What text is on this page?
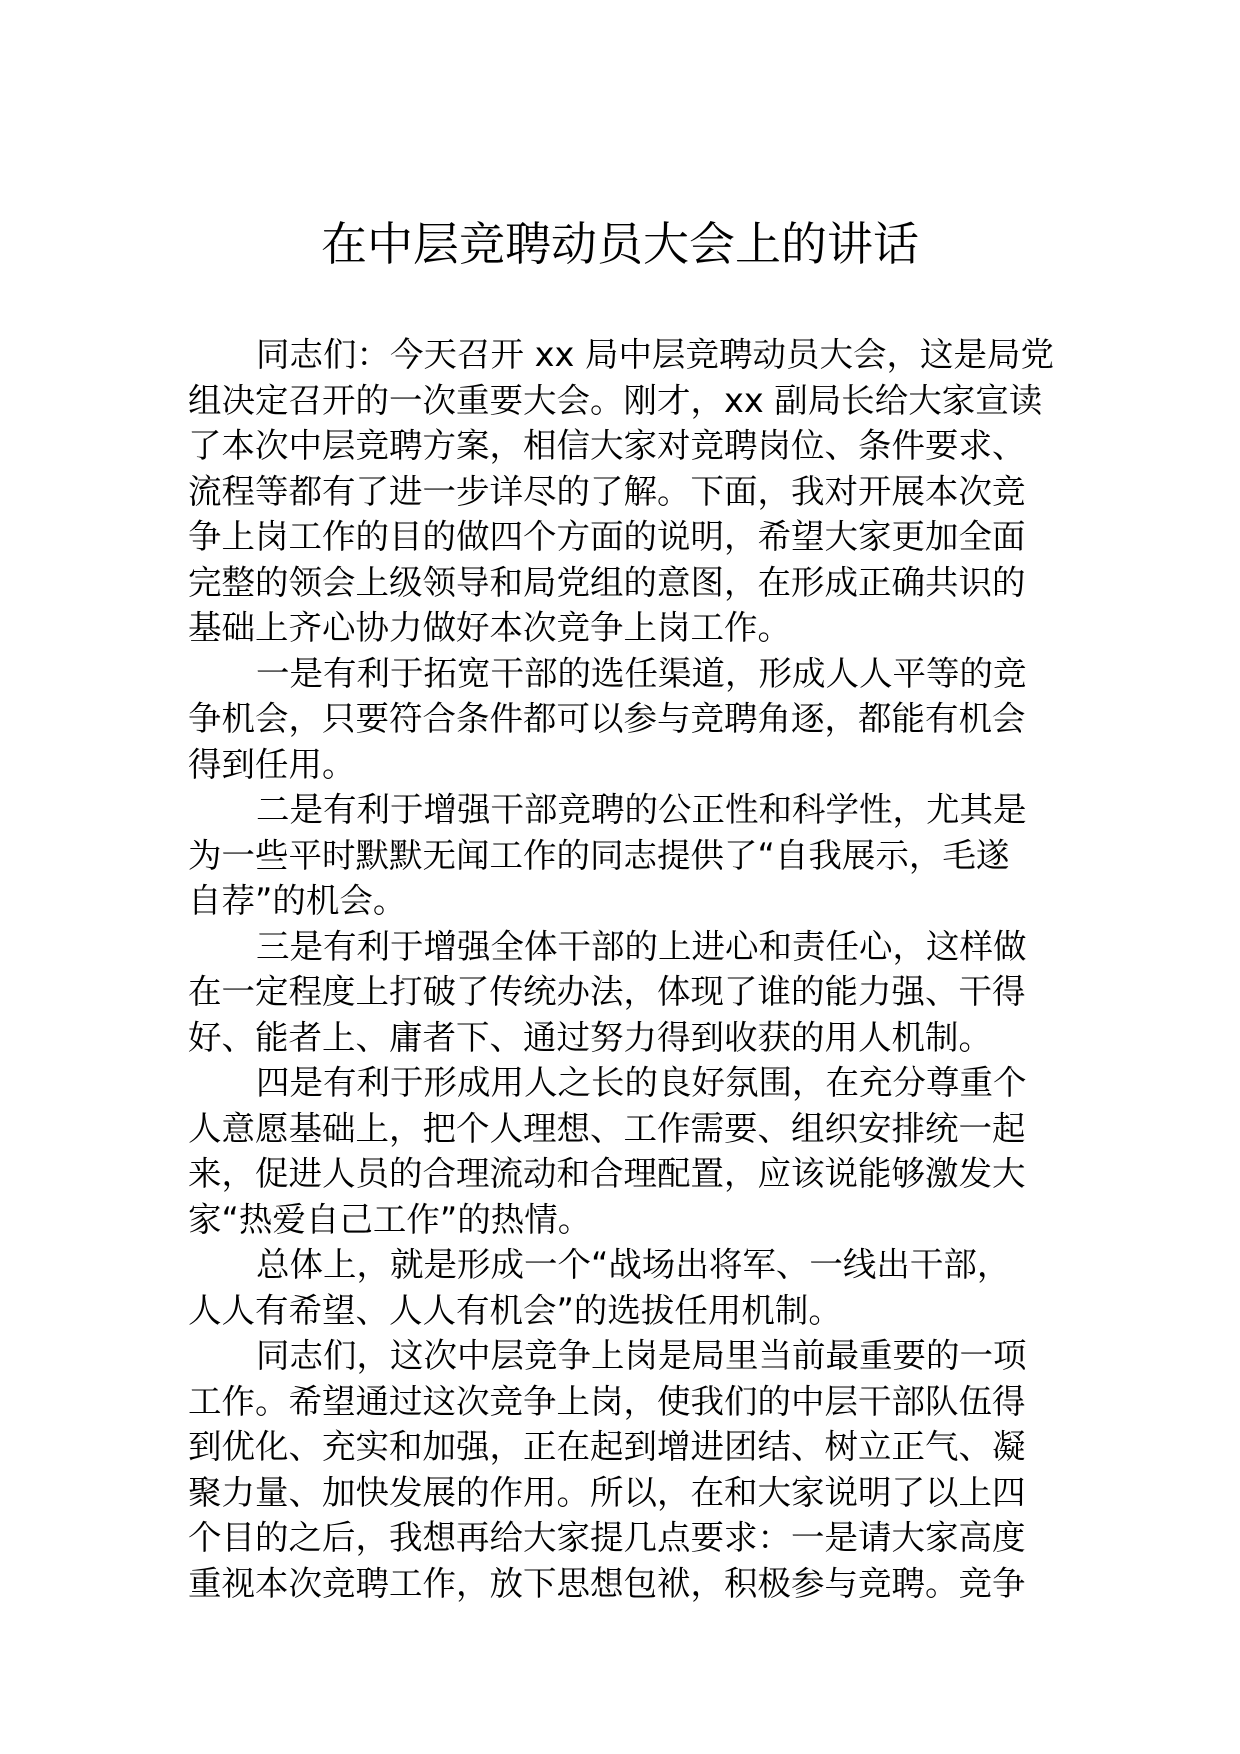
在中层竞聘动员大会上的讲话
同志们：今天召开 xx 局中层竞聘动员大会，这是局党
组决定召开的一次重要大会。刚才，xx 副局长给大家宣读
了本次中层竞聘方案，相信大家对竞聘岗位、条件要求、
流程等都有了进一步详尽的了解。下面，我对开展本次竞
争上岗工作的目的做四个方面的说明，希望大家更加全面
完整的领会上级领导和局党组的意图，在形成正确共识的
基础上齐心协力做好本次竞争上岗工作。
一是有利于拓宽干部的选任渠道，形成人人平等的竞
争机会，只要符合条件都可以参与竞聘角逐，都能有机会
得到任用。
二是有利于增强干部竞聘的公正性和科学性，尤其是
为一些平时默默无闻工作的同志提供了“自我展示，毛遂
自荐”的机会。
三是有利于增强全体干部的上进心和责任心，这样做
在一定程度上打破了传统办法，体现了谁的能力强、干得
好、能者上、庸者下、通过努力得到收获的用人机制。
四是有利于形成用人之长的良好氛围，在充分尊重个
人意愿基础上，把个人理想、工作需要、组织安排统一起
来，促进人员的合理流动和合理配置，应该说能够激发大
家“热爱自己工作”的热情。
总体上，就是形成一个“战场出将军、一线出干部，
人人有希望、人人有机会”的选拔任用机制。
同志们，这次中层竞争上岗是局里当前最重要的一项
工作。希望通过这次竞争上岗，使我们的中层干部队伍得
到优化、充实和加强，正在起到增进团结、树立正气、凝
聚力量、加快发展的作用。所以，在和大家说明了以上四
个目的之后，我想再给大家提几点要求：一是请大家高度
重视本次竞聘工作，放下思想包袱，积极参与竞聘。竞争
